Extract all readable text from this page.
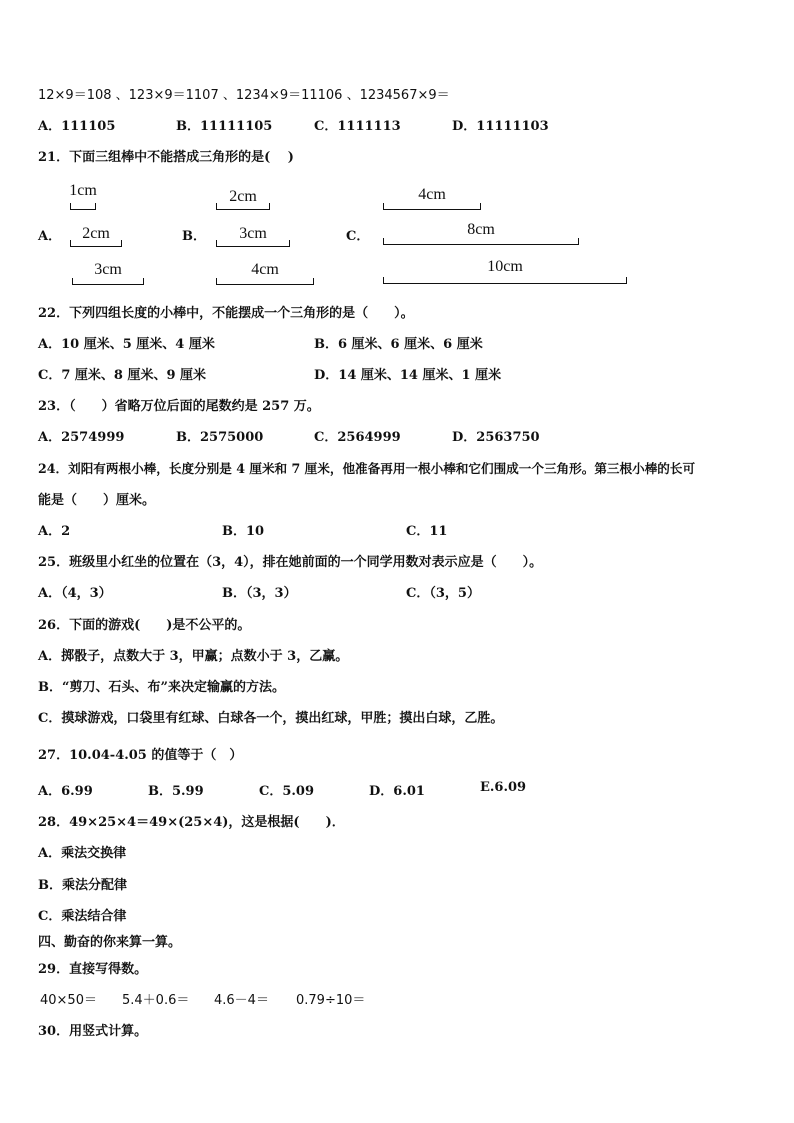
12×9＝108 、123×9＝1107 、1234×9＝11106 、1234567×9＝
A．111105	B．11111105	C．1111113	D．11111103
21．下面三组棒中不能搭成三角形的是(　 )
A．
1cm
2cm
3cm
B．
2cm
3cm
4cm
C．
4cm
8cm
10cm
22．下列四组长度的小棒中，不能摆成一个三角形的是（　　）。
A．10 厘米、5 厘米、4 厘米	B．6 厘米、6 厘米、6 厘米
C．7 厘米、8 厘米、9 厘米	D．14 厘米、14 厘米、1 厘米
23．（　　）省略万位后面的尾数约是 257 万。
A．2574999	B．2575000	C．2564999	D．2563750
24．刘阳有两根小棒，长度分别是 4 厘米和 7 厘米，他准备再用一根小棒和它们围成一个三角形。第三根小棒的长可
能是（　　）厘米。
A．2	B．10	C．11
25．班级里小红坐的位置在（3，4），排在她前面的一个同学用数对表示应是（　　）。
A．（4，3）	B．（3，3）	C．（3，5）
26．下面的游戏(　　)是不公平的。
A．掷骰子，点数大于 3，甲赢；点数小于 3，乙赢。
B．“剪刀、石头、布”来决定输赢的方法。
C．摸球游戏，口袋里有红球、白球各一个，摸出红球，甲胜；摸出白球，乙胜。
27．10.04-4.05 的值等于（　）
A．6.99	B．5.99	C．5.09	D．6.01	E.6.09
28．49×25×4＝49×(25×4)，这是根据(　　)．
A．乘法交换律
B．乘法分配律
C．乘法结合律
四、勤奋的你来算一算。
29．直接写得数。
40×50＝ 5.4＋0.6＝ 4.6－4＝ 0.79÷10＝
30．用竖式计算。
